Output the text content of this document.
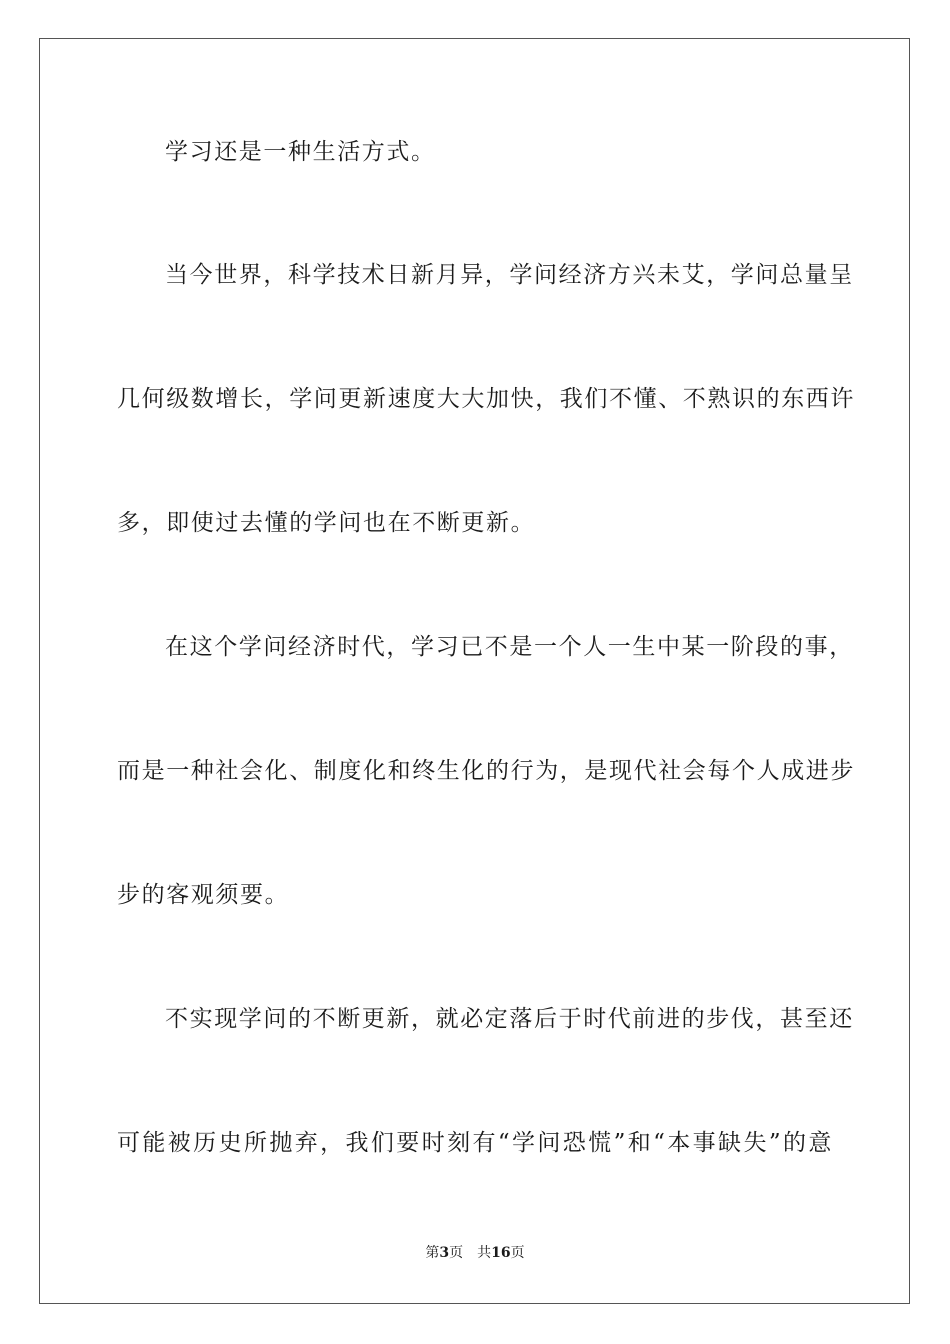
学习还是一种生活方式。
当今世界，科学技术日新月异，学问经济方兴未艾，学问总量呈
几何级数增长，学问更新速度大大加快，我们不懂、不熟识的东西许
多，即使过去懂的学问也在不断更新。
在这个学问经济时代，学习已不是一个人一生中某一阶段的事，
而是一种社会化、制度化和终生化的行为，是现代社会每个人成进步
步的客观须要。
不实现学问的不断更新，就必定落后于时代前进的步伐，甚至还
可能被历史所抛弃，我们要时刻有“学问恐慌”和“本事缺失”的意
第3页 共16页
